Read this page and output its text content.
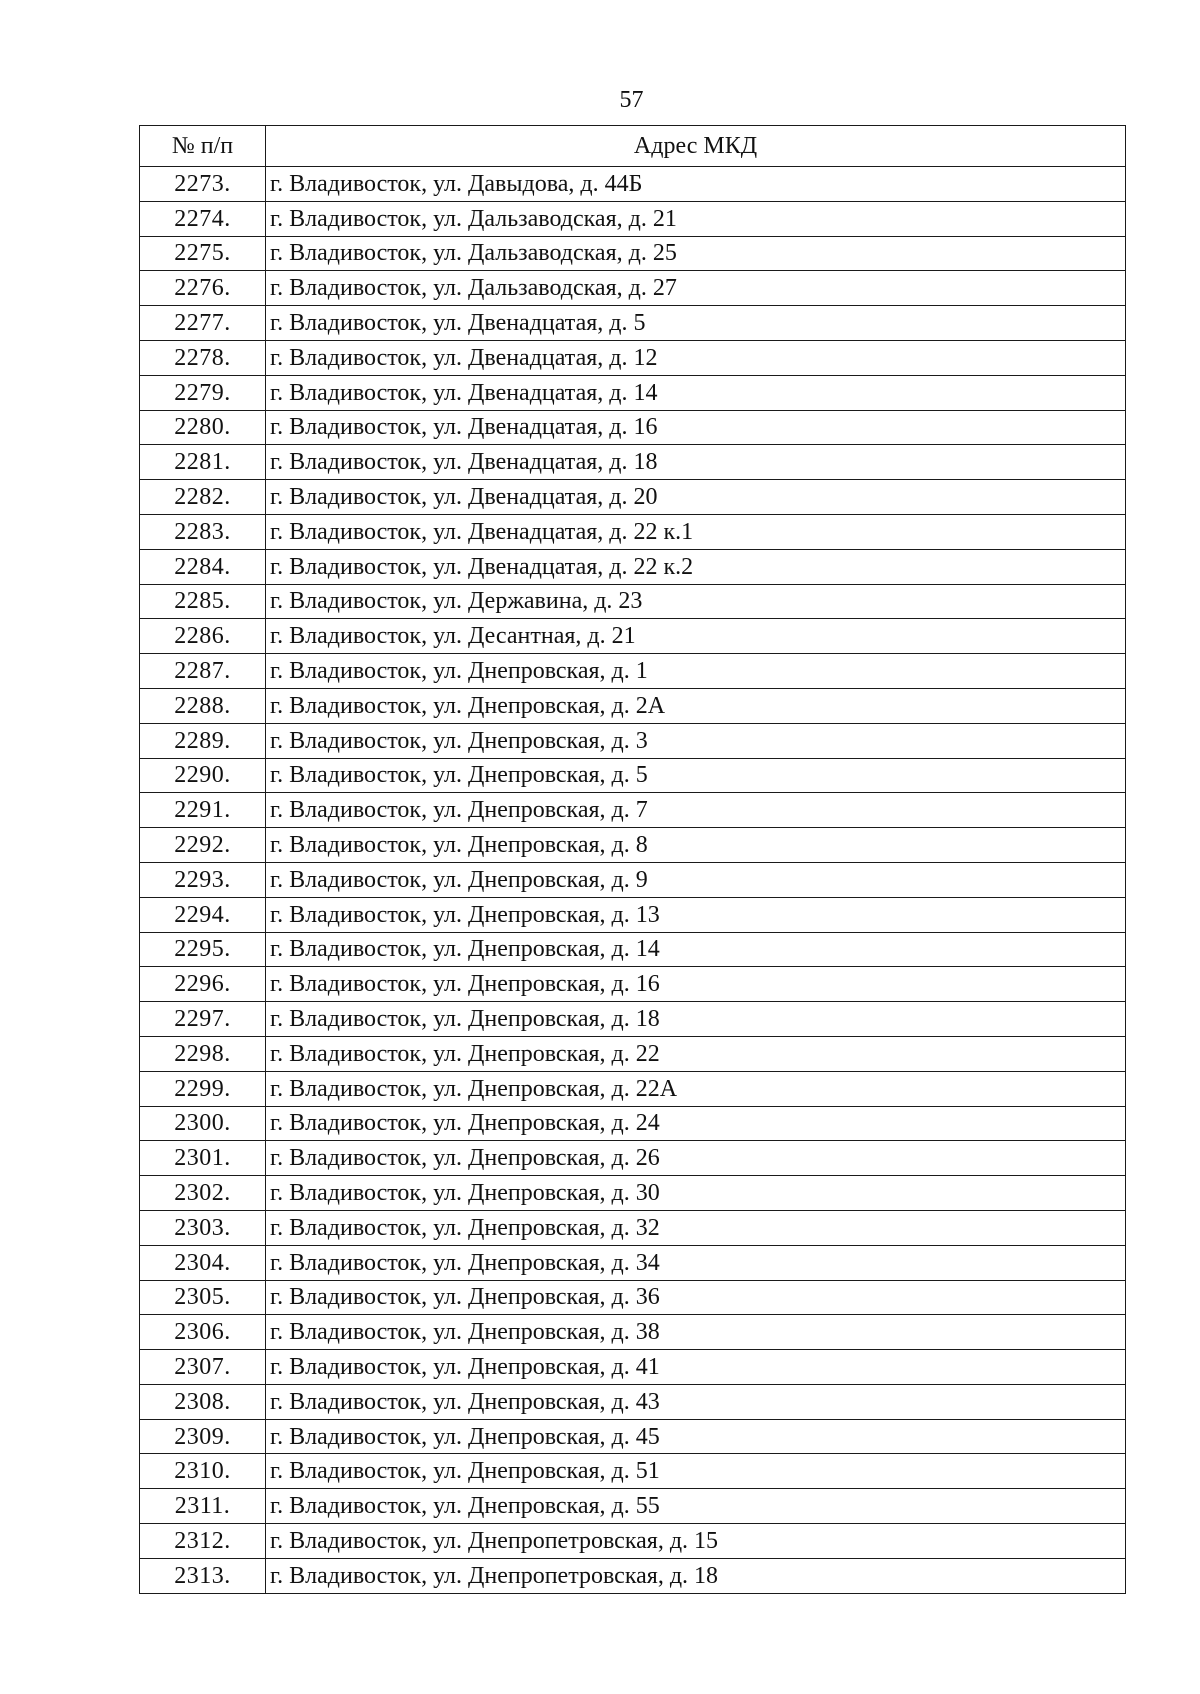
57
№ п/п	Адрес МКД
2273.	г. Владивосток, ул. Давыдова, д. 44Б
2274.	г. Владивосток, ул. Дальзаводская, д. 21
2275.	г. Владивосток, ул. Дальзаводская, д. 25
2276.	г. Владивосток, ул. Дальзаводская, д. 27
2277.	г. Владивосток, ул. Двенадцатая, д. 5
2278.	г. Владивосток, ул. Двенадцатая, д. 12
2279.	г. Владивосток, ул. Двенадцатая, д. 14
2280.	г. Владивосток, ул. Двенадцатая, д. 16
2281.	г. Владивосток, ул. Двенадцатая, д. 18
2282.	г. Владивосток, ул. Двенадцатая, д. 20
2283.	г. Владивосток, ул. Двенадцатая, д. 22 к.1
2284.	г. Владивосток, ул. Двенадцатая, д. 22 к.2
2285.	г. Владивосток, ул. Державина, д. 23
2286.	г. Владивосток, ул. Десантная, д. 21
2287.	г. Владивосток, ул. Днепровская, д. 1
2288.	г. Владивосток, ул. Днепровская, д. 2А
2289.	г. Владивосток, ул. Днепровская, д. 3
2290.	г. Владивосток, ул. Днепровская, д. 5
2291.	г. Владивосток, ул. Днепровская, д. 7
2292.	г. Владивосток, ул. Днепровская, д. 8
2293.	г. Владивосток, ул. Днепровская, д. 9
2294.	г. Владивосток, ул. Днепровская, д. 13
2295.	г. Владивосток, ул. Днепровская, д. 14
2296.	г. Владивосток, ул. Днепровская, д. 16
2297.	г. Владивосток, ул. Днепровская, д. 18
2298.	г. Владивосток, ул. Днепровская, д. 22
2299.	г. Владивосток, ул. Днепровская, д. 22А
2300.	г. Владивосток, ул. Днепровская, д. 24
2301.	г. Владивосток, ул. Днепровская, д. 26
2302.	г. Владивосток, ул. Днепровская, д. 30
2303.	г. Владивосток, ул. Днепровская, д. 32
2304.	г. Владивосток, ул. Днепровская, д. 34
2305.	г. Владивосток, ул. Днепровская, д. 36
2306.	г. Владивосток, ул. Днепровская, д. 38
2307.	г. Владивосток, ул. Днепровская, д. 41
2308.	г. Владивосток, ул. Днепровская, д. 43
2309.	г. Владивосток, ул. Днепровская, д. 45
2310.	г. Владивосток, ул. Днепровская, д. 51
2311.	г. Владивосток, ул. Днепровская, д. 55
2312.	г. Владивосток, ул. Днепропетровская, д. 15
2313.	г. Владивосток, ул. Днепропетровская, д. 18
